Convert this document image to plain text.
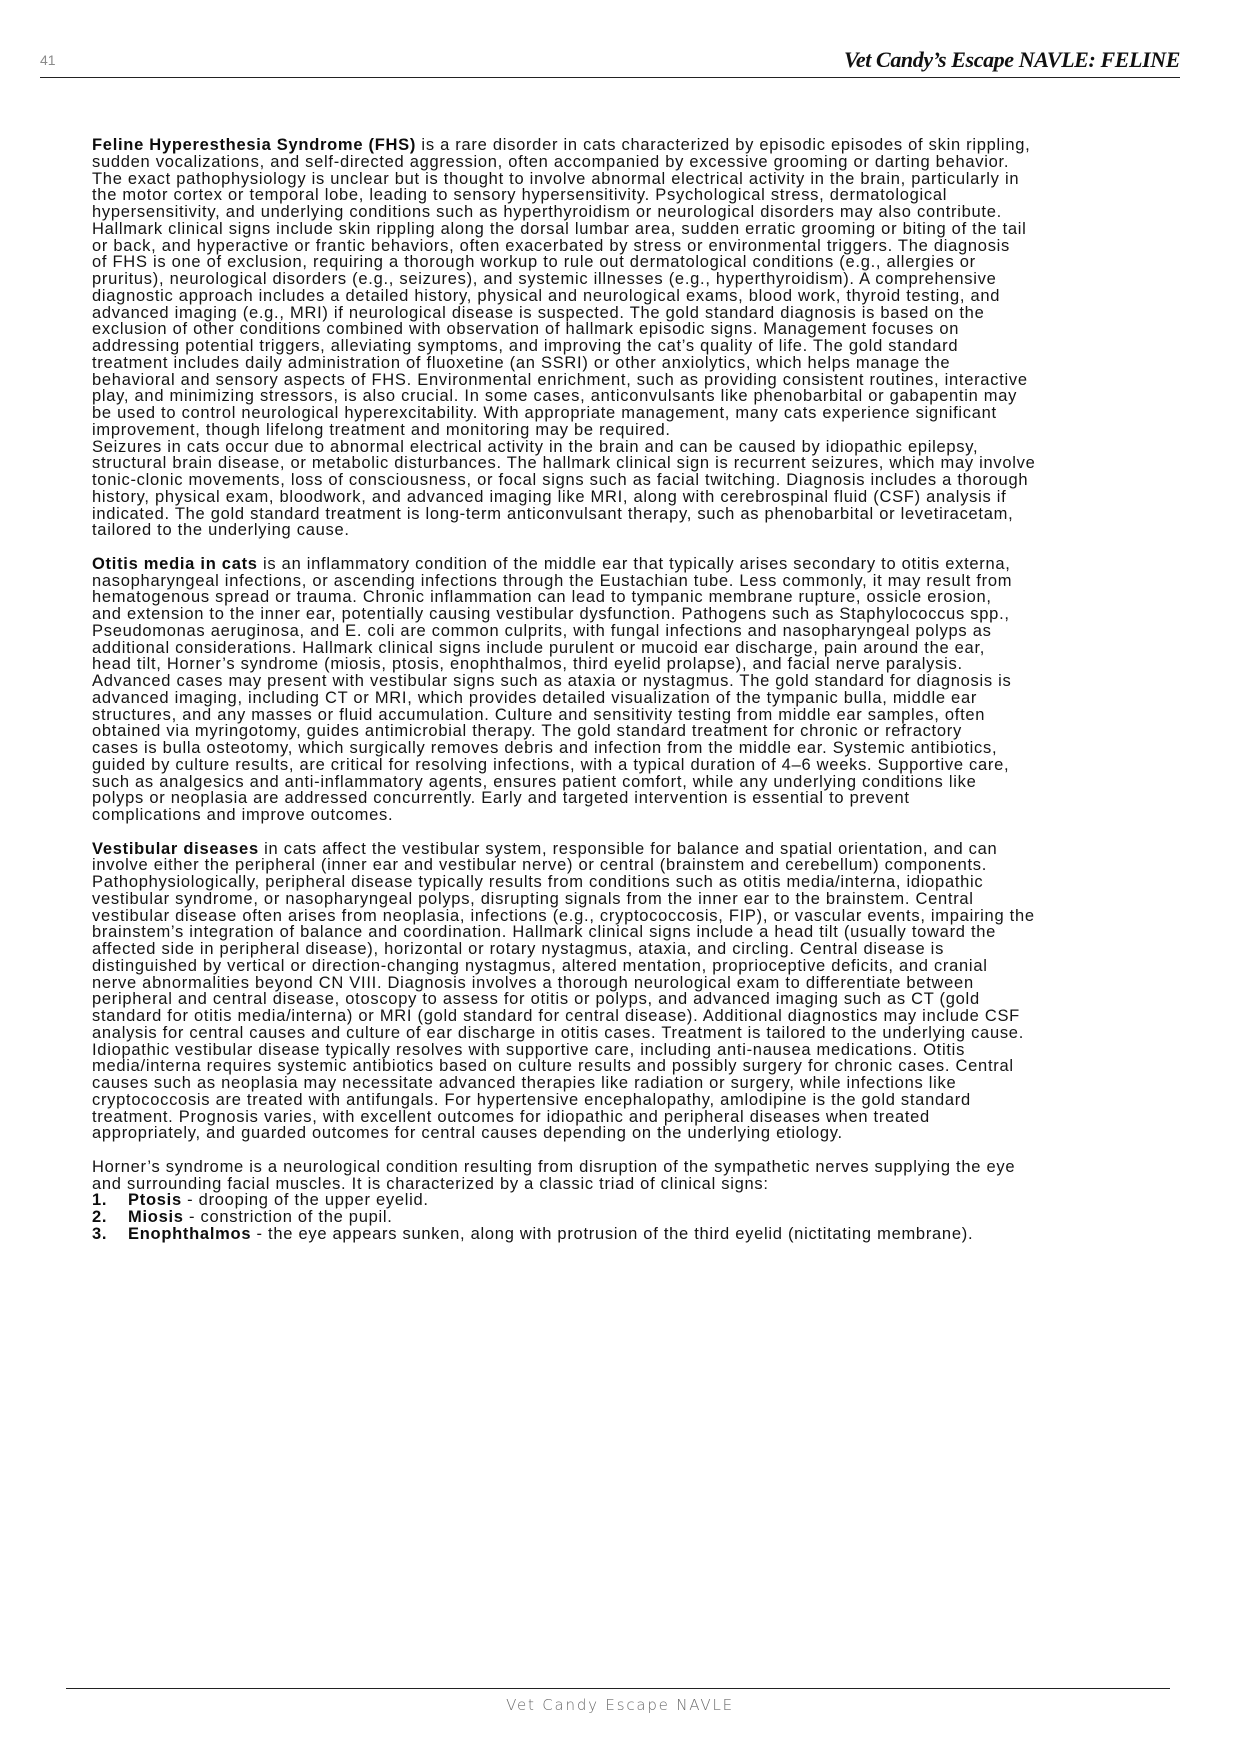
41	Vet Candy’s Escape NAVLE: FELINE
Feline Hyperesthesia Syndrome (FHS) is a rare disorder in cats characterized by episodic episodes of skin rippling,
sudden vocalizations, and self-directed aggression, often accompanied by excessive grooming or darting behavior.
The exact pathophysiology is unclear but is thought to involve abnormal electrical activity in the brain, particularly in
the motor cortex or temporal lobe, leading to sensory hypersensitivity. Psychological stress, dermatological
hypersensitivity, and underlying conditions such as hyperthyroidism or neurological disorders may also contribute.
Hallmark clinical signs include skin rippling along the dorsal lumbar area, sudden erratic grooming or biting of the tail
or back, and hyperactive or frantic behaviors, often exacerbated by stress or environmental triggers. The diagnosis
of FHS is one of exclusion, requiring a thorough workup to rule out dermatological conditions (e.g., allergies or
pruritus), neurological disorders (e.g., seizures), and systemic illnesses (e.g., hyperthyroidism). A comprehensive
diagnostic approach includes a detailed history, physical and neurological exams, blood work, thyroid testing, and
advanced imaging (e.g., MRI) if neurological disease is suspected. The gold standard diagnosis is based on the
exclusion of other conditions combined with observation of hallmark episodic signs. Management focuses on
addressing potential triggers, alleviating symptoms, and improving the cat’s quality of life. The gold standard
treatment includes daily administration of fluoxetine (an SSRI) or other anxiolytics, which helps manage the
behavioral and sensory aspects of FHS. Environmental enrichment, such as providing consistent routines, interactive
play, and minimizing stressors, is also crucial. In some cases, anticonvulsants like phenobarbital or gabapentin may
be used to control neurological hyperexcitability. With appropriate management, many cats experience significant
improvement, though lifelong treatment and monitoring may be required.
Seizures in cats occur due to abnormal electrical activity in the brain and can be caused by idiopathic epilepsy,
structural brain disease, or metabolic disturbances. The hallmark clinical sign is recurrent seizures, which may involve
tonic-clonic movements, loss of consciousness, or focal signs such as facial twitching. Diagnosis includes a thorough
history, physical exam, bloodwork, and advanced imaging like MRI, along with cerebrospinal fluid (CSF) analysis if
indicated. The gold standard treatment is long-term anticonvulsant therapy, such as phenobarbital or levetiracetam,
tailored to the underlying cause.
Otitis media in cats is an inflammatory condition of the middle ear that typically arises secondary to otitis externa,
nasopharyngeal infections, or ascending infections through the Eustachian tube. Less commonly, it may result from
hematogenous spread or trauma. Chronic inflammation can lead to tympanic membrane rupture, ossicle erosion,
and extension to the inner ear, potentially causing vestibular dysfunction. Pathogens such as Staphylococcus spp.,
Pseudomonas aeruginosa, and E. coli are common culprits, with fungal infections and nasopharyngeal polyps as
additional considerations. Hallmark clinical signs include purulent or mucoid ear discharge, pain around the ear,
head tilt, Horner’s syndrome (miosis, ptosis, enophthalmos, third eyelid prolapse), and facial nerve paralysis.
Advanced cases may present with vestibular signs such as ataxia or nystagmus. The gold standard for diagnosis is
advanced imaging, including CT or MRI, which provides detailed visualization of the tympanic bulla, middle ear
structures, and any masses or fluid accumulation. Culture and sensitivity testing from middle ear samples, often
obtained via myringotomy, guides antimicrobial therapy. The gold standard treatment for chronic or refractory
cases is bulla osteotomy, which surgically removes debris and infection from the middle ear. Systemic antibiotics,
guided by culture results, are critical for resolving infections, with a typical duration of 4–6 weeks. Supportive care,
such as analgesics and anti-inflammatory agents, ensures patient comfort, while any underlying conditions like
polyps or neoplasia are addressed concurrently. Early and targeted intervention is essential to prevent
complications and improve outcomes.
Vestibular diseases in cats affect the vestibular system, responsible for balance and spatial orientation, and can
involve either the peripheral (inner ear and vestibular nerve) or central (brainstem and cerebellum) components.
Pathophysiologically, peripheral disease typically results from conditions such as otitis media/interna, idiopathic
vestibular syndrome, or nasopharyngeal polyps, disrupting signals from the inner ear to the brainstem. Central
vestibular disease often arises from neoplasia, infections (e.g., cryptococcosis, FIP), or vascular events, impairing the
brainstem’s integration of balance and coordination. Hallmark clinical signs include a head tilt (usually toward the
affected side in peripheral disease), horizontal or rotary nystagmus, ataxia, and circling. Central disease is
distinguished by vertical or direction-changing nystagmus, altered mentation, proprioceptive deficits, and cranial
nerve abnormalities beyond CN VIII. Diagnosis involves a thorough neurological exam to differentiate between
peripheral and central disease, otoscopy to assess for otitis or polyps, and advanced imaging such as CT (gold
standard for otitis media/interna) or MRI (gold standard for central disease). Additional diagnostics may include CSF
analysis for central causes and culture of ear discharge in otitis cases. Treatment is tailored to the underlying cause.
Idiopathic vestibular disease typically resolves with supportive care, including anti-nausea medications. Otitis
media/interna requires systemic antibiotics based on culture results and possibly surgery for chronic cases. Central
causes such as neoplasia may necessitate advanced therapies like radiation or surgery, while infections like
cryptococcosis are treated with antifungals. For hypertensive encephalopathy, amlodipine is the gold standard
treatment. Prognosis varies, with excellent outcomes for idiopathic and peripheral diseases when treated
appropriately, and guarded outcomes for central causes depending on the underlying etiology.
Horner’s syndrome is a neurological condition resulting from disruption of the sympathetic nerves supplying the eye
and surrounding facial muscles. It is characterized by a classic triad of clinical signs:
1. Ptosis - drooping of the upper eyelid.
2. Miosis - constriction of the pupil.
3. Enophthalmos - the eye appears sunken, along with protrusion of the third eyelid (nictitating membrane).
Vet Candy Escape NAVLE
